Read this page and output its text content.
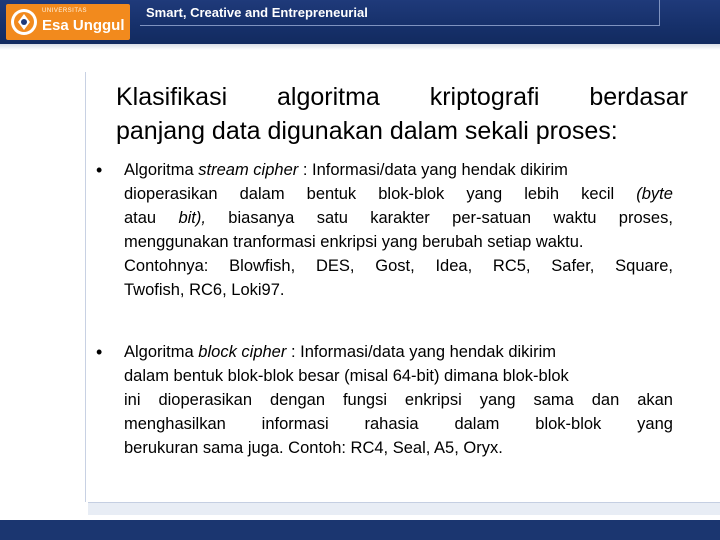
UNIVERSITAS
Esa Unggul
Smart, Creative and Entrepreneurial
Klasifikasi algoritma kriptografi berdasar
panjang data digunakan dalam sekali proses:
• Algoritma stream cipher : Informasi/data yang hendak dikirim
dioperasikan dalam bentuk blok-blok yang lebih kecil (byte
atau bit), biasanya satu karakter per-satuan waktu proses,
menggunakan tranformasi enkripsi yang berubah setiap waktu.
Contohnya: Blowfish, DES, Gost, Idea, RC5, Safer, Square,
Twofish, RC6, Loki97.
• Algoritma block cipher : Informasi/data yang hendak dikirim
dalam bentuk blok-blok besar (misal 64-bit) dimana blok-blok
ini dioperasikan dengan fungsi enkripsi yang sama dan akan
menghasilkan informasi rahasia dalam blok-blok yang
berukuran sama juga. Contoh: RC4, Seal, A5, Oryx.
